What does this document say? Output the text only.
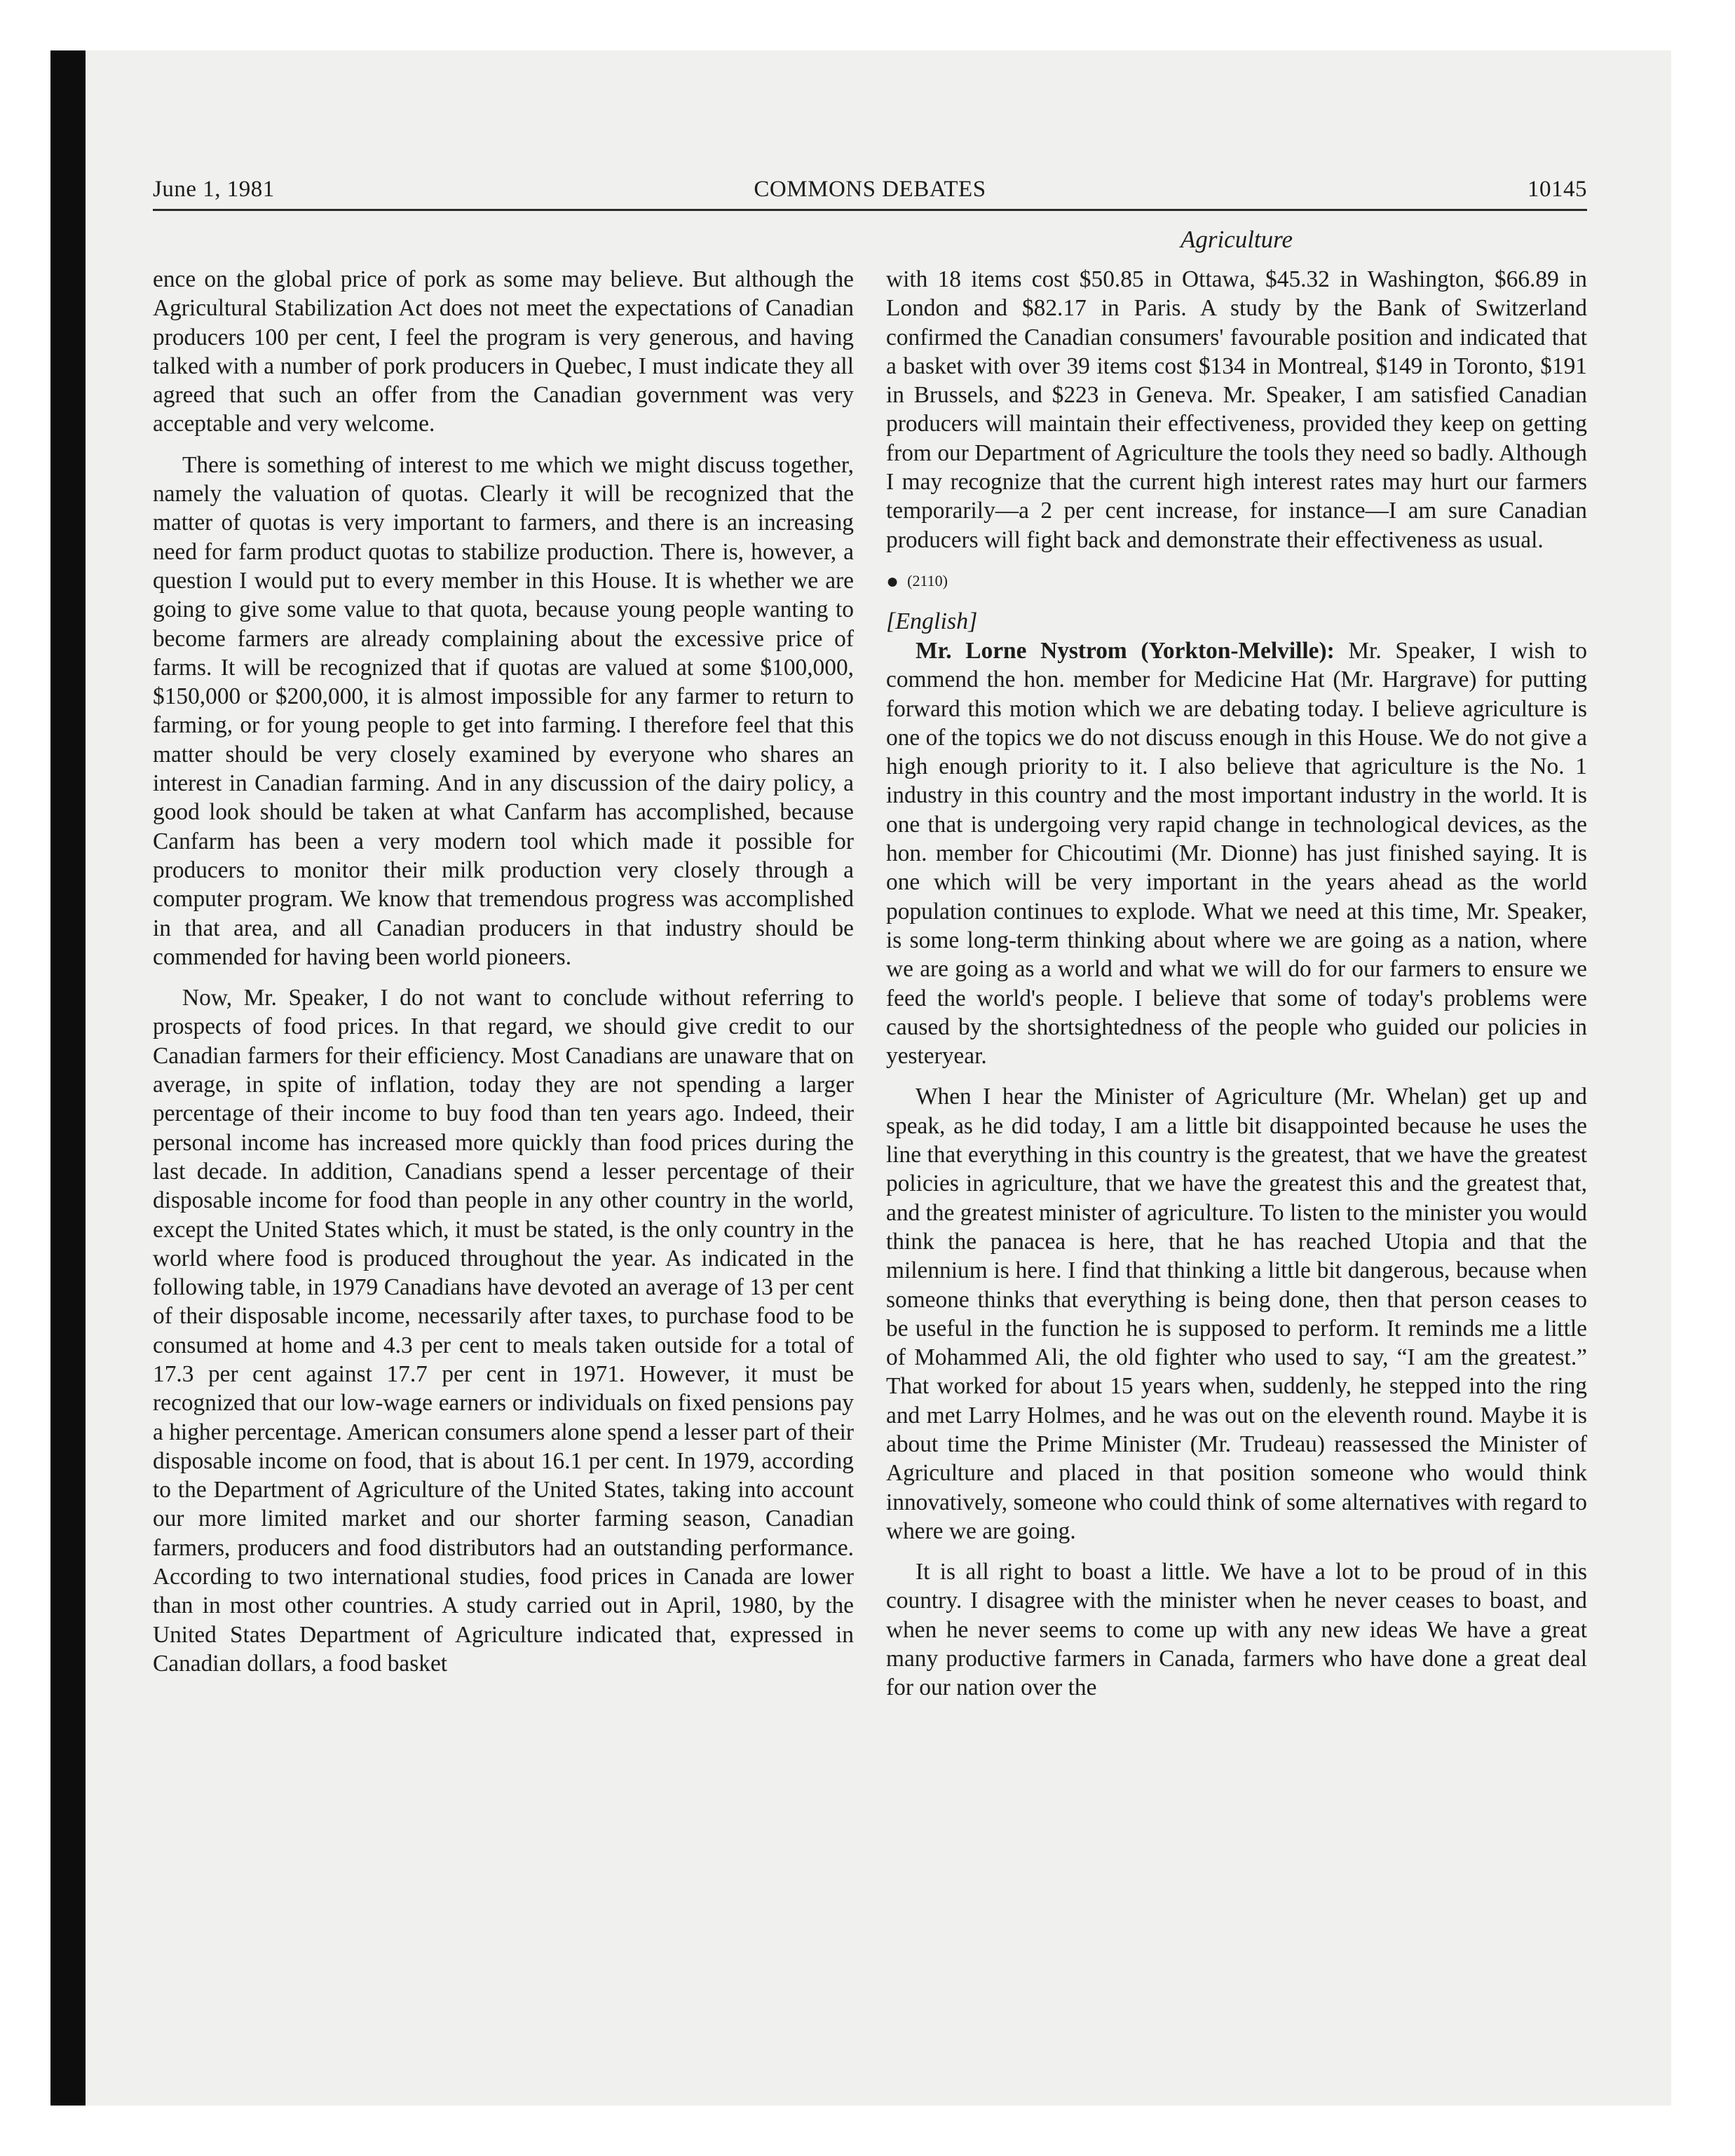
June 1, 1981	COMMONS DEBATES	10145
Agriculture

ence on the global price of pork as some may believe. But although the Agricultural Stabilization Act does not meet the expectations of Canadian producers 100 per cent, I feel the program is very generous, and having talked with a number of pork producers in Quebec, I must indicate they all agreed that such an offer from the Canadian government was very acceptable and very welcome.

There is something of interest to me which we might discuss together, namely the valuation of quotas. Clearly it will be recognized that the matter of quotas is very important to farmers, and there is an increasing need for farm product quotas to stabilize production. There is, however, a question I would put to every member in this House. It is whether we are going to give some value to that quota, because young people wanting to become farmers are already complaining about the excessive price of farms. It will be recognized that if quotas are valued at some $100,000, $150,000 or $200,000, it is almost impossible for any farmer to return to farming, or for young people to get into farming. I therefore feel that this matter should be very closely examined by everyone who shares an interest in Canadian farming. And in any discussion of the dairy policy, a good look should be taken at what Canfarm has accomplished, because Canfarm has been a very modern tool which made it possible for producers to monitor their milk production very closely through a computer program. We know that tremendous progress was accomplished in that area, and all Canadian producers in that industry should be commended for having been world pioneers.

Now, Mr. Speaker, I do not want to conclude without referring to prospects of food prices. In that regard, we should give credit to our Canadian farmers for their efficiency. Most Canadians are unaware that on average, in spite of inflation, today they are not spending a larger percentage of their income to buy food than ten years ago. Indeed, their personal income has increased more quickly than food prices during the last decade. In addition, Canadians spend a lesser percentage of their disposable income for food than people in any other country in the world, except the United States which, it must be stated, is the only country in the world where food is produced throughout the year. As indicated in the following table, in 1979 Canadians have devoted an average of 13 per cent of their disposable income, necessarily after taxes, to purchase food to be consumed at home and 4.3 per cent to meals taken outside for a total of 17.3 per cent against 17.7 per cent in 1971. However, it must be recognized that our low-wage earners or individuals on fixed pensions pay a higher percentage. American consumers alone spend a lesser part of their disposable income on food, that is about 16.1 per cent. In 1979, according to the Department of Agriculture of the United States, taking into account our more limited market and our shorter farming season, Canadian farmers, producers and food distributors had an outstanding performance. According to two international studies, food prices in Canada are lower than in most other countries. A study carried out in April, 1980, by the United States Department of Agriculture indicated that, expressed in Canadian dollars, a food basket

with 18 items cost $50.85 in Ottawa, $45.32 in Washington, $66.89 in London and $82.17 in Paris. A study by the Bank of Switzerland confirmed the Canadian consumers' favourable position and indicated that a basket with over 39 items cost $134 in Montreal, $149 in Toronto, $191 in Brussels, and $223 in Geneva. Mr. Speaker, I am satisfied Canadian producers will maintain their effectiveness, provided they keep on getting from our Department of Agriculture the tools they need so badly. Although I may recognize that the current high interest rates may hurt our farmers temporarily—a 2 per cent increase, for instance—I am sure Canadian producers will fight back and demonstrate their effectiveness as usual.

● (2110)
[English]

Mr. Lorne Nystrom (Yorkton-Melville): Mr. Speaker, I wish to commend the hon. member for Medicine Hat (Mr. Hargrave) for putting forward this motion which we are debating today. I believe agriculture is one of the topics we do not discuss enough in this House. We do not give a high enough priority to it. I also believe that agriculture is the No. 1 industry in this country and the most important industry in the world. It is one that is undergoing very rapid change in technological devices, as the hon. member for Chicoutimi (Mr. Dionne) has just finished saying. It is one which will be very important in the years ahead as the world population continues to explode. What we need at this time, Mr. Speaker, is some long-term thinking about where we are going as a nation, where we are going as a world and what we will do for our farmers to ensure we feed the world's people. I believe that some of today's problems were caused by the shortsightedness of the people who guided our policies in yesteryear.

When I hear the Minister of Agriculture (Mr. Whelan) get up and speak, as he did today, I am a little bit disappointed because he uses the line that everything in this country is the greatest, that we have the greatest policies in agriculture, that we have the greatest this and the greatest that, and the greatest minister of agriculture. To listen to the minister you would think the panacea is here, that he has reached Utopia and that the milennium is here. I find that thinking a little bit dangerous, because when someone thinks that everything is being done, then that person ceases to be useful in the function he is supposed to perform. It reminds me a little of Mohammed Ali, the old fighter who used to say, “I am the greatest.” That worked for about 15 years when, suddenly, he stepped into the ring and met Larry Holmes, and he was out on the eleventh round. Maybe it is about time the Prime Minister (Mr. Trudeau) reassessed the Minister of Agriculture and placed in that position someone who would think innovatively, someone who could think of some alternatives with regard to where we are going.

It is all right to boast a little. We have a lot to be proud of in this country. I disagree with the minister when he never ceases to boast, and when he never seems to come up with any new ideas We have a great many productive farmers in Canada, farmers who have done a great deal for our nation over the
